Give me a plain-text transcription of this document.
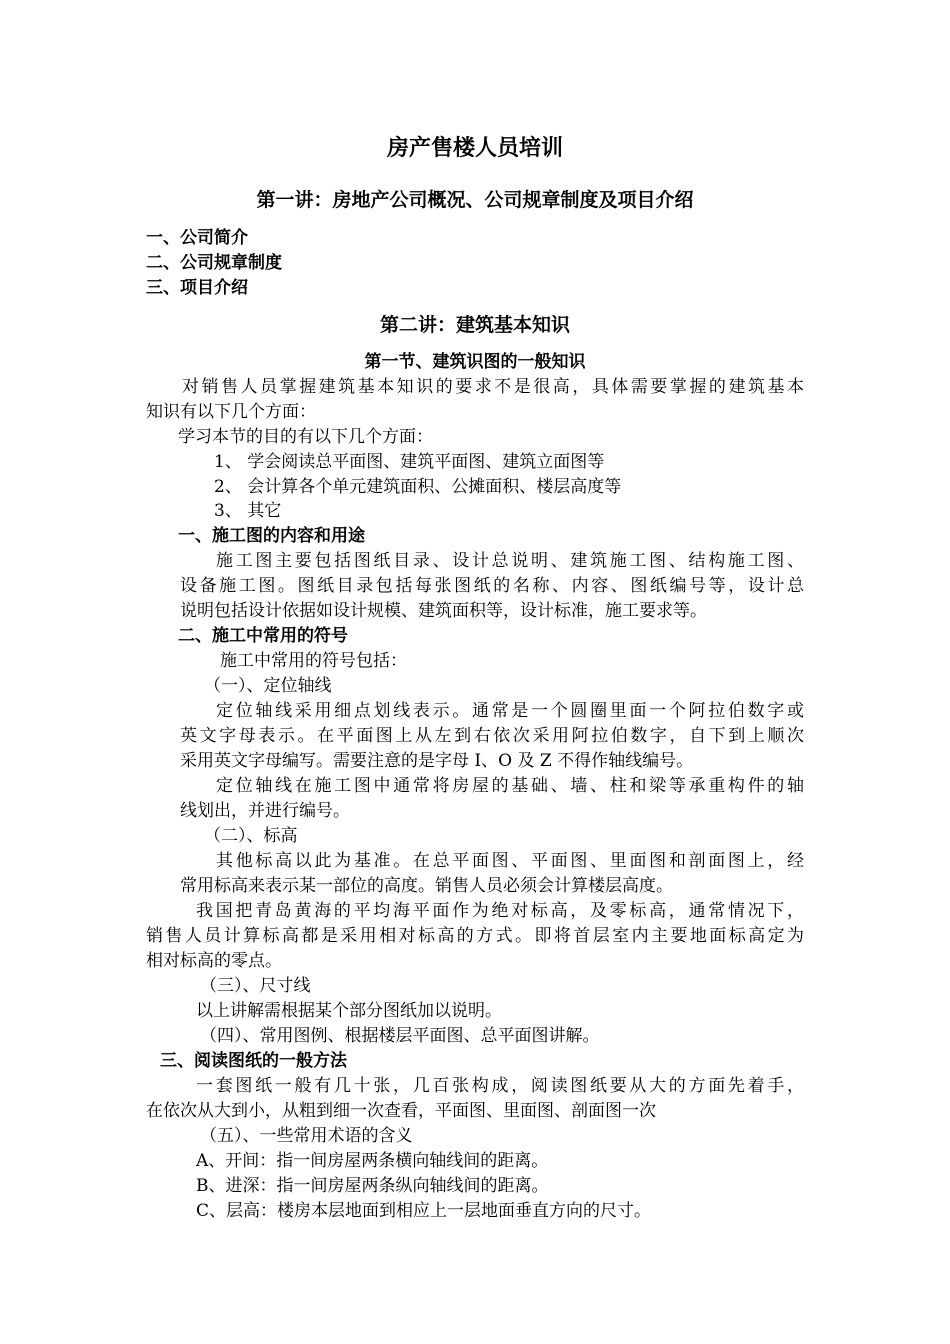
房产售楼人员培训
第一讲：房地产公司概况、公司规章制度及项目介绍
一、公司简介
二、公司规章制度
三、项目介绍
第二讲：建筑基本知识
第一节、建筑识图的一般知识
对销售人员掌握建筑基本知识的要求不是很高，具体需要掌握的建筑基本
知识有以下几个方面：
学习本节的目的有以下几个方面：
1、 学会阅读总平面图、建筑平面图、建筑立面图等
2、 会计算各个单元建筑面积、公摊面积、楼层高度等
3、 其它
一、施工图的内容和用途
施工图主要包括图纸目录、设计总说明、建筑施工图、结构施工图、
设备施工图。图纸目录包括每张图纸的名称、内容、图纸编号等，设计总
说明包括设计依据如设计规模、建筑面积等，设计标准，施工要求等。
二、施工中常用的符号
施工中常用的符号包括：
（一）、定位轴线
定位轴线采用细点划线表示。通常是一个圆圈里面一个阿拉伯数字或
英文字母表示。在平面图上从左到右依次采用阿拉伯数字，自下到上顺次
采用英文字母编写。需要注意的是字母 I、O 及 Z 不得作轴线编号。
定位轴线在施工图中通常将房屋的基础、墙、柱和梁等承重构件的轴
线划出，并进行编号。
（二）、标高
其他标高以此为基准。在总平面图、平面图、里面图和剖面图上，经
常用标高来表示某一部位的高度。销售人员必须会计算楼层高度。
我国把青岛黄海的平均海平面作为绝对标高，及零标高，通常情况下，
销售人员计算标高都是采用相对标高的方式。即将首层室内主要地面标高定为
相对标高的零点。
（三）、尺寸线
以上讲解需根据某个部分图纸加以说明。
（四）、常用图例、根据楼层平面图、总平面图讲解。
三、阅读图纸的一般方法
一套图纸一般有几十张，几百张构成，阅读图纸要从大的方面先着手，
在依次从大到小，从粗到细一次查看，平面图、里面图、剖面图一次
（五）、一些常用术语的含义
A、开间：指一间房屋两条横向轴线间的距离。
B、进深：指一间房屋两条纵向轴线间的距离。
C、层高：楼房本层地面到相应上一层地面垂直方向的尺寸。
